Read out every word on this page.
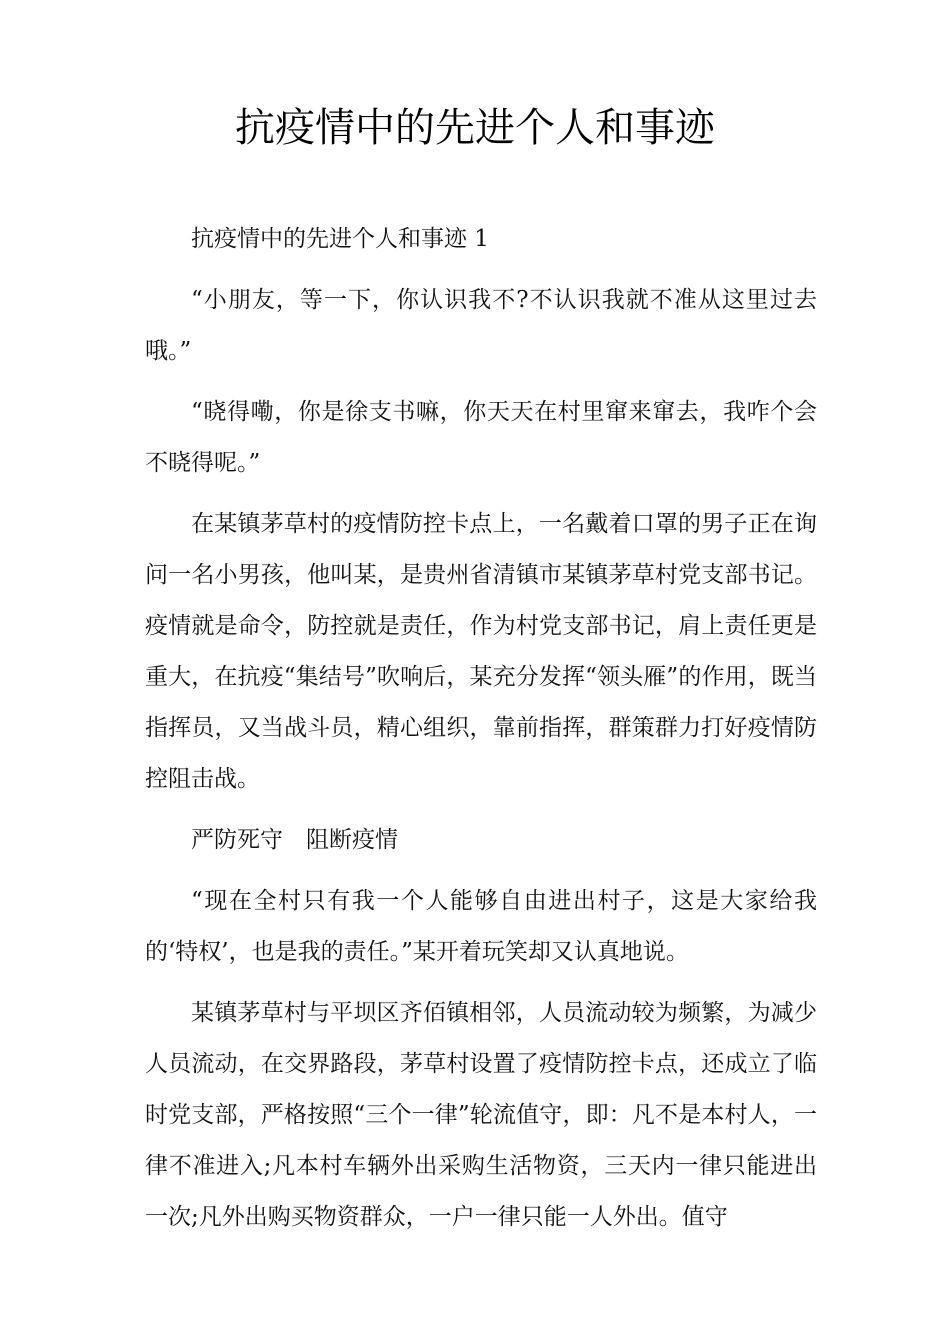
抗疫情中的先进个人和事迹

抗疫情中的先进个人和事迹 1

“小朋友，等一下，你认识我不?不认识我就不准从这里过去哦。”

“晓得嘞，你是徐支书嘛，你天天在村里窜来窜去，我咋个会不晓得呢。”

在某镇茅草村的疫情防控卡点上，一名戴着口罩的男子正在询问一名小男孩，他叫某，是贵州省清镇市某镇茅草村党支部书记。疫情就是命令，防控就是责任，作为村党支部书记，肩上责任更是重大，在抗疫“集结号”吹响后，某充分发挥“领头雁”的作用，既当指挥员，又当战斗员，精心组织，靠前指挥，群策群力打好疫情防控阻击战。

严防死守　阻断疫情

“现在全村只有我一个人能够自由进出村子，这是大家给我的‘特权’，也是我的责任。”某开着玩笑却又认真地说。

某镇茅草村与平坝区齐佰镇相邻，人员流动较为频繁，为减少人员流动，在交界路段，茅草村设置了疫情防控卡点，还成立了临时党支部，严格按照“三个一律”轮流值守，即：凡不是本村人，一律不准进入;凡本村车辆外出采购生活物资，三天内一律只能进出一次;凡外出购买物资群众，一户一律只能一人外出。值守
